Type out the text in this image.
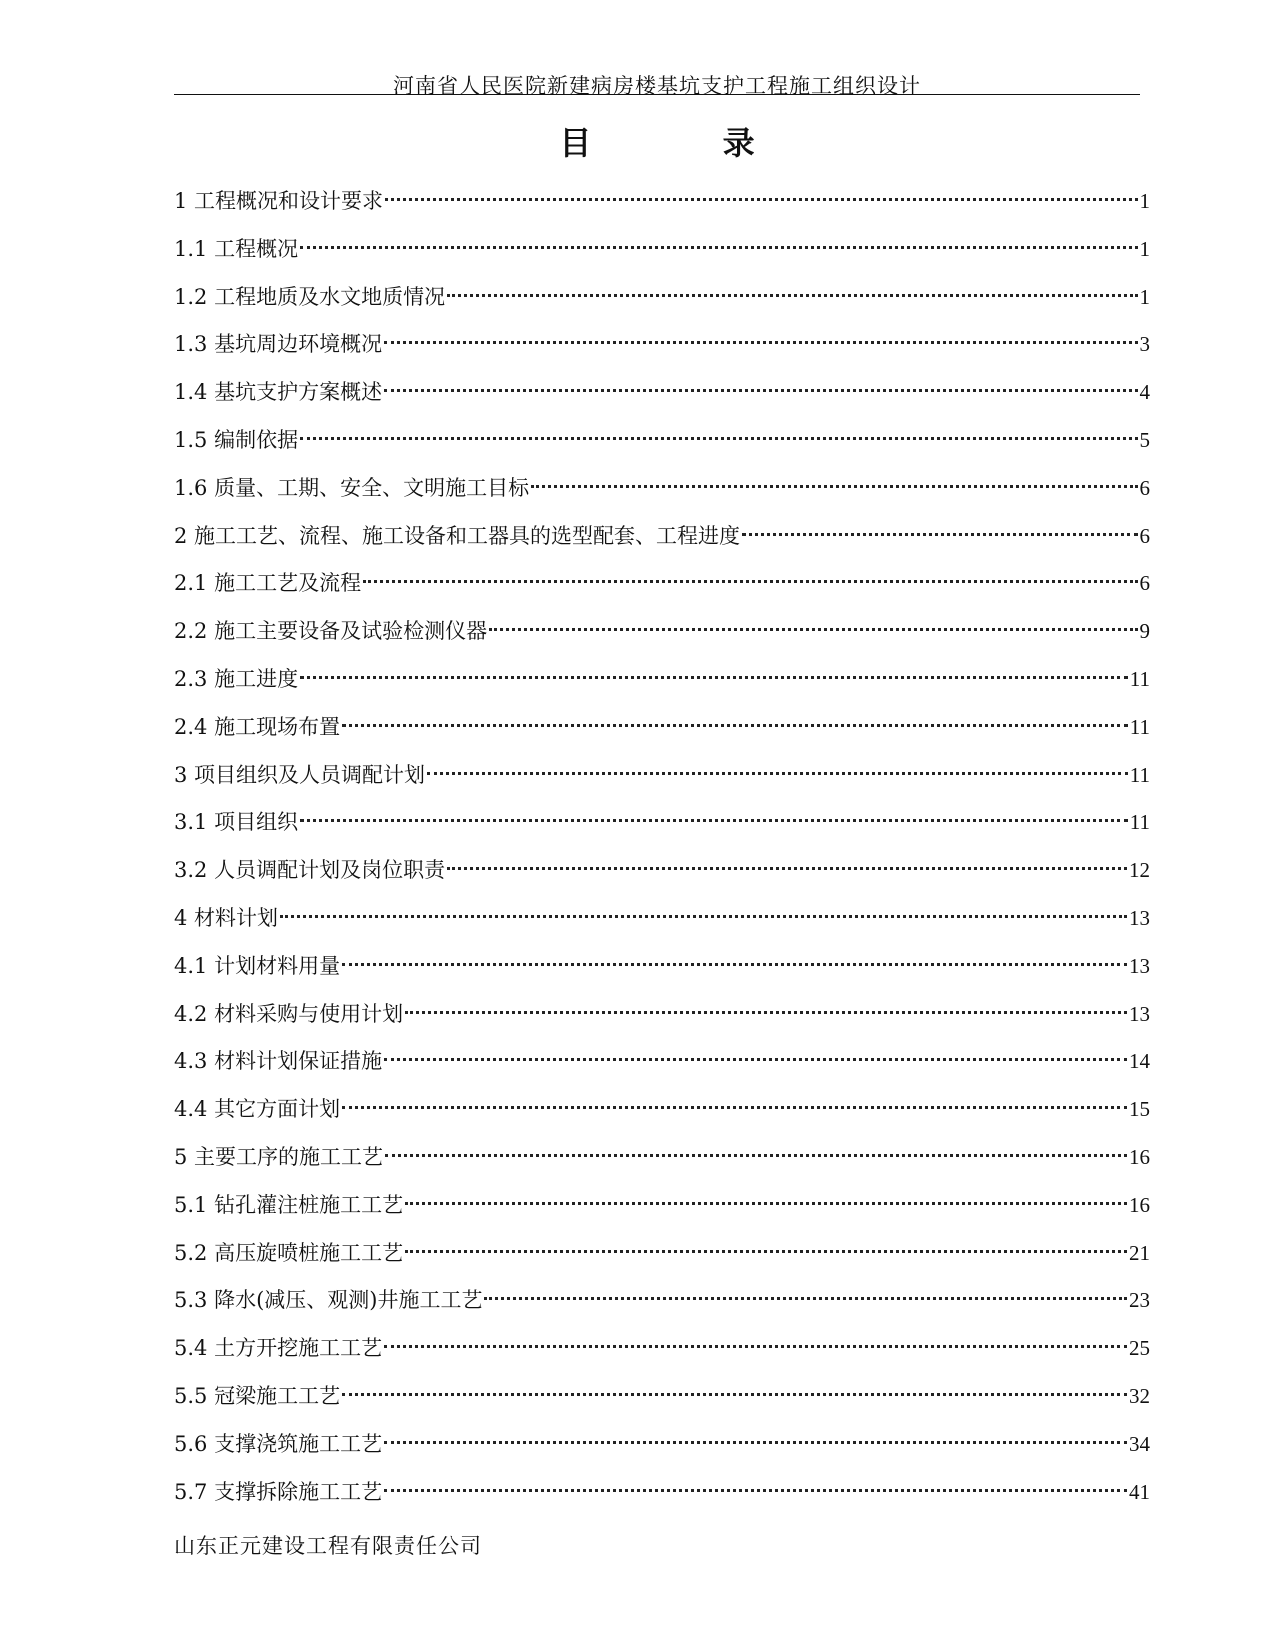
河南省人民医院新建病房楼基坑支护工程施工组织设计
目 录
1 工程概况和设计要求	1
1.1 工程概况	1
1.2 工程地质及水文地质情况	1
1.3 基坑周边环境概况	3
1.4 基坑支护方案概述	4
1.5 编制依据	5
1.6 质量、工期、安全、文明施工目标	6
2 施工工艺、流程、施工设备和工器具的选型配套、工程进度	6
2.1 施工工艺及流程	6
2.2 施工主要设备及试验检测仪器	9
2.3 施工进度	11
2.4 施工现场布置	11
3 项目组织及人员调配计划	11
3.1 项目组织	11
3.2 人员调配计划及岗位职责	12
4 材料计划	13
4.1 计划材料用量	13
4.2 材料采购与使用计划	13
4.3 材料计划保证措施	14
4.4 其它方面计划	15
5 主要工序的施工工艺	16
5.1 钻孔灌注桩施工工艺	16
5.2 高压旋喷桩施工工艺	21
5.3 降水(减压、观测)井施工工艺	23
5.4 土方开挖施工工艺	25
5.5 冠梁施工工艺	32
5.6 支撑浇筑施工工艺	34
5.7 支撑拆除施工工艺	41
山东正元建设工程有限责任公司
